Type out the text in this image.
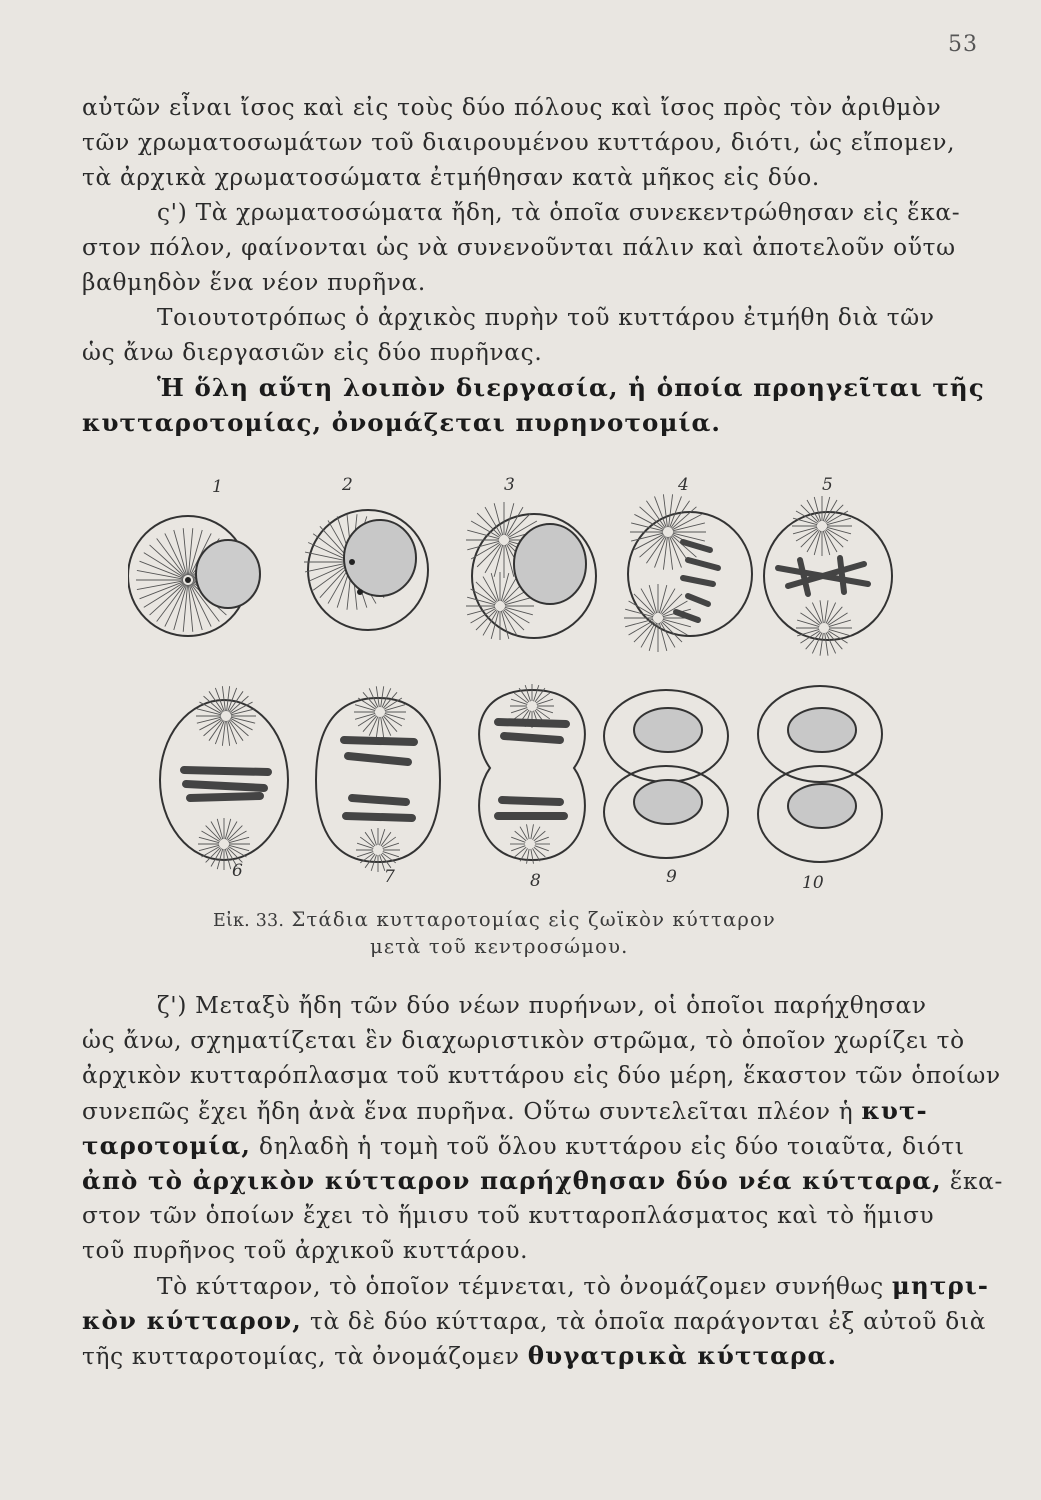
53
αὐτῶν εἶναι ἴσος καὶ εἰς τοὺς δύο πόλους καὶ ἴσος πρὸς τὸν ἀριθμὸν
τῶν χρωματοσωμάτων τοῦ διαιρουμένου κυττάρου, διότι, ὡς εἴπομεν,
τὰ ἀρχικὰ χρωματοσώματα ἐτμήθησαν κατὰ μῆκος εἰς δύο.
ς') Τὰ χρωματοσώματα ἤδη, τὰ ὁποῖα συνεκεντρώθησαν εἰς ἕκα-
στον πόλον, φαίνονται ὡς νὰ συνενοῦνται πάλιν καὶ ἀποτελοῦν οὕτω
βαθμηδὸν ἕνα νέον πυρῆνα.
Τοιουτοτρόπως ὁ ἀρχικὸς πυρὴν τοῦ κυττάρου ἐτμήθη διὰ τῶν
ὡς ἄνω διεργασιῶν εἰς δύο πυρῆνας.
Ἡ ὅλη αὕτη λοιπὸν διεργασία, ἡ ὁποία προηγεῖται τῆς
κυτταροτομίας, ὀνομάζεται πυρηνοτομία.
1	2	3	4	5
6	7	8	9	10
Εἰκ. 33. Στάδια κυτταροτομίας εἰς ζωϊκὸν κύτταρον
μετὰ τοῦ κεντροσώμου.
ζ') Μεταξὺ ἤδη τῶν δύο νέων πυρήνων, οἱ ὁποῖοι παρήχθησαν
ὡς ἄνω, σχηματίζεται ἓν διαχωριστικὸν στρῶμα, τὸ ὁποῖον χωρίζει τὸ
ἀρχικὸν κυτταρόπλασμα τοῦ κυττάρου εἰς δύο μέρη, ἕκαστον τῶν ὁποίων
συνεπῶς ἔχει ἤδη ἀνὰ ἕνα πυρῆνα. Οὕτω συντελεῖται πλέον ἡ κυτ-
ταροτομία, δηλαδὴ ἡ τομὴ τοῦ ὅλου κυττάρου εἰς δύο τοιαῦτα, διότι
ἀπὸ τὸ ἀρχικὸν κύτταρον παρήχθησαν δύο νέα κύτταρα, ἕκα-
στον τῶν ὁποίων ἔχει τὸ ἥμισυ τοῦ κυτταροπλάσματος καὶ τὸ ἥμισυ
τοῦ πυρῆνος τοῦ ἀρχικοῦ κυττάρου.
Τὸ κύτταρον, τὸ ὁποῖον τέμνεται, τὸ ὀνομάζομεν συνήθως μητρι-
κὸν κύτταρον, τὰ δὲ δύο κύτταρα, τὰ ὁποῖα παράγονται ἐξ αὐτοῦ διὰ
τῆς κυτταροτομίας, τὰ ὀνομάζομεν θυγατρικὰ κύτταρα.
